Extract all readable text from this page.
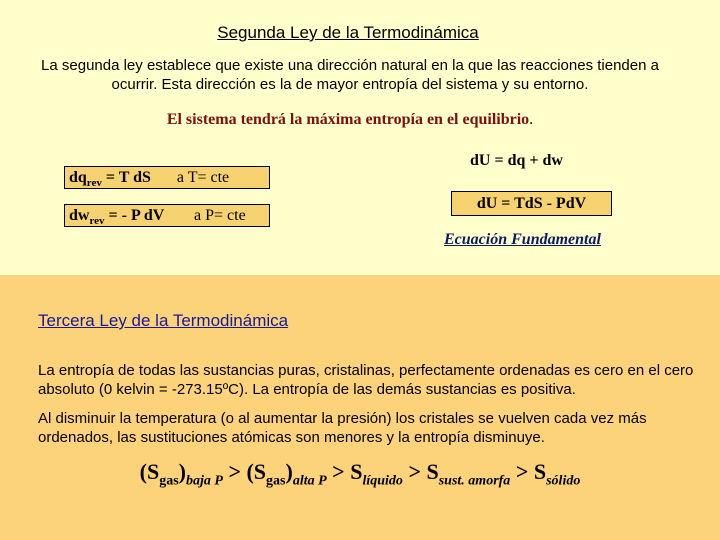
Segunda Ley de la Termodinámica
La segunda ley establece que existe una dirección natural en la que las reacciones tienden a ocurrir. Esta dirección es la de mayor entropía del sistema y su entorno.
El sistema tendrá la máxima entropía en el equilibrio.
$dq_{rev} = T$ dS a T= cte
$dw_{rev}$ = - P dV a P= cte
dU = dq + dw
dU = TdS - PdV
Ecuación Fundamental
Tercera Ley de la Termodinámica
La entropía de todas las sustancias puras, cristalinas, perfectamente ordenadas es cero en el cero absoluto (0 kelvin = -273.15ºC). La entropía de las demás sustancias es positiva.
Al disminuir la temperatura (o al aumentar la presión) los cristales se vuelven cada vez más ordenados, las sustituciones atómicas son menores y la entropía disminuye.
$(S_{gas})_{baja P} > (S_{gas})_{alta P} > S_{líquido} > S_{sust. amorfa} > S_{sólido}$
